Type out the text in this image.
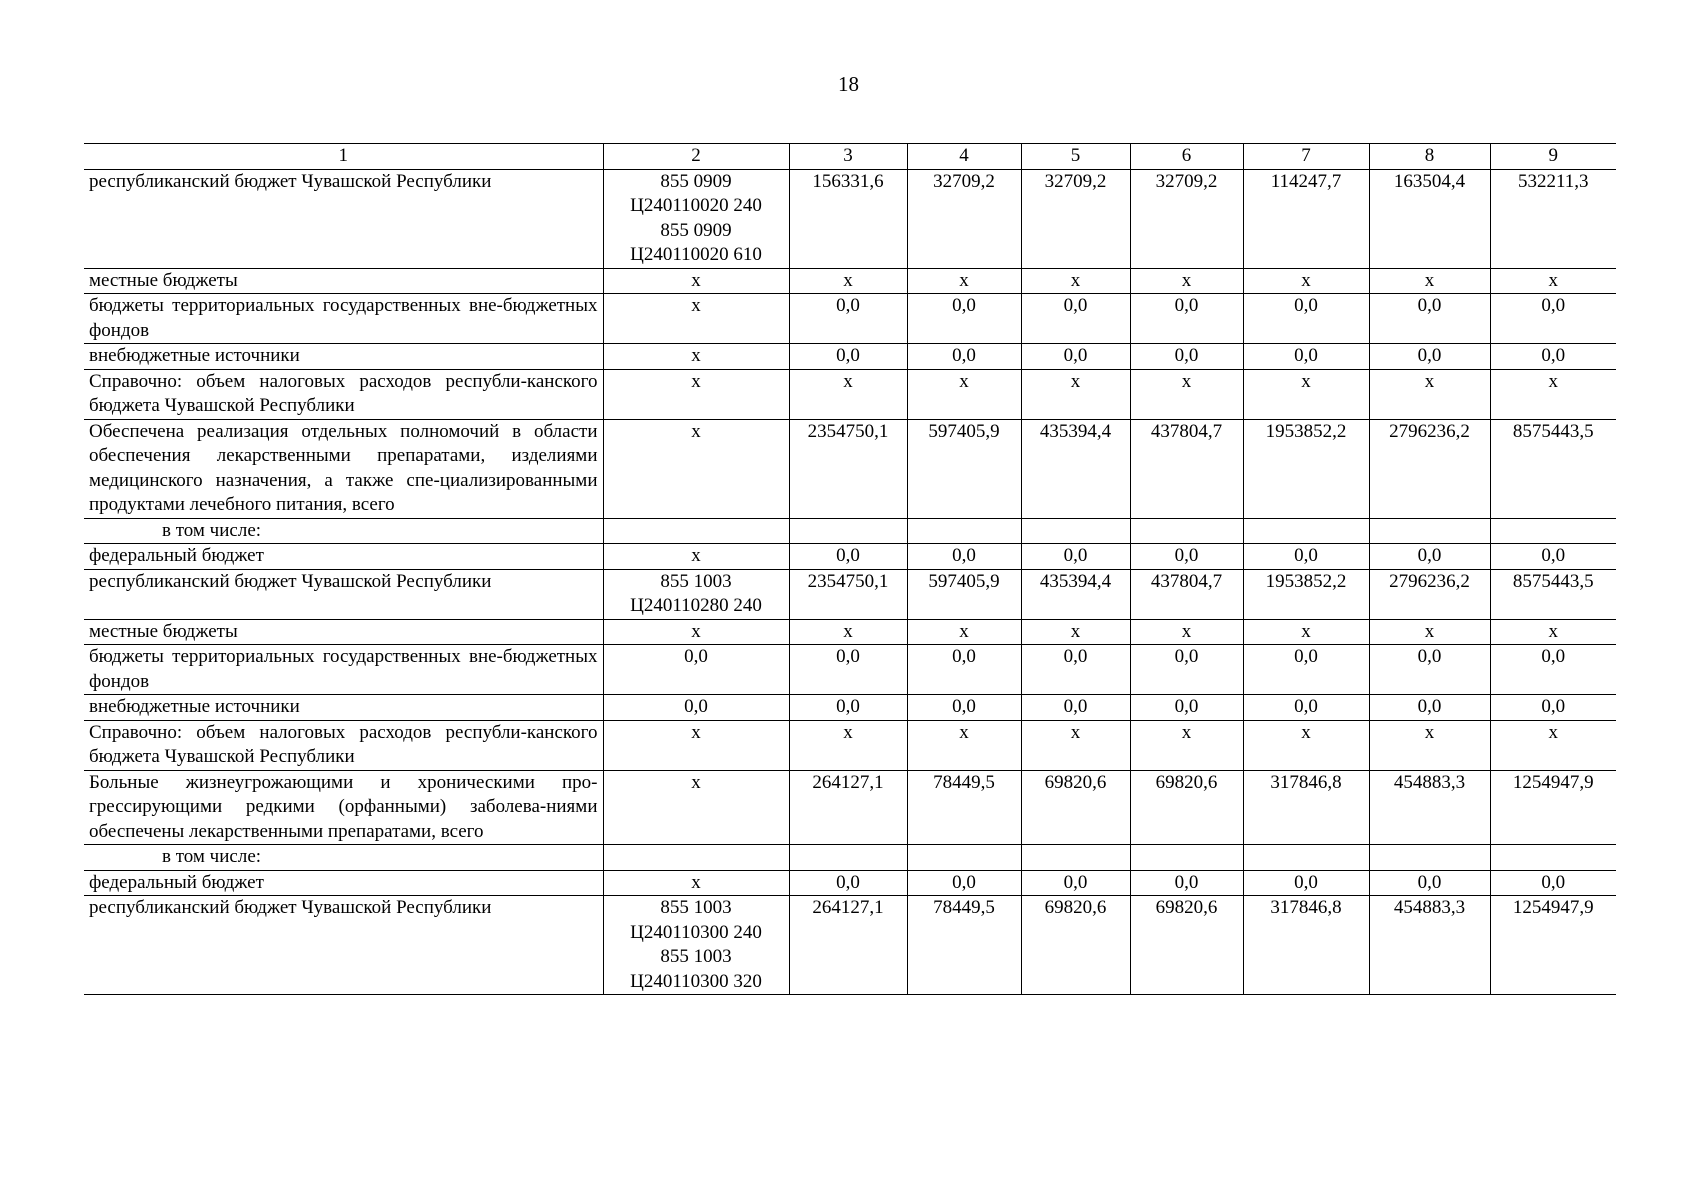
18
1	2	3	4	5	6	7	8	9
республиканский бюджет Чувашской Республики	855 0909
Ц240110020 240
855 0909
Ц240110020 610	156331,6	32709,2	32709,2	32709,2	114247,7	163504,4	532211,3
местные бюджеты	х	х	х	х	х	х	х	х
бюджеты территориальных государственных вне-бюджетных фондов	х	0,0	0,0	0,0	0,0	0,0	0,0	0,0
внебюджетные источники	х	0,0	0,0	0,0	0,0	0,0	0,0	0,0
Справочно: объем налоговых расходов республи-канского бюджета Чувашской Республики	х	х	х	х	х	х	х	х
Обеспечена реализация отдельных полномочий в области обеспечения лекарственными препаратами, изделиями медицинского назначения, а также спе-циализированными продуктами лечебного питания, всего	х	2354750,1	597405,9	435394,4	437804,7	1953852,2	2796236,2	8575443,5
в том числе:								
федеральный бюджет	х	0,0	0,0	0,0	0,0	0,0	0,0	0,0
республиканский бюджет Чувашской Республики	855 1003
Ц240110280 240	2354750,1	597405,9	435394,4	437804,7	1953852,2	2796236,2	8575443,5
местные бюджеты	х	х	х	х	х	х	х	х
бюджеты территориальных государственных вне-бюджетных фондов	0,0	0,0	0,0	0,0	0,0	0,0	0,0	0,0
внебюджетные источники	0,0	0,0	0,0	0,0	0,0	0,0	0,0	0,0
Справочно: объем налоговых расходов республи-канского бюджета Чувашской Республики	х	х	х	х	х	х	х	х
Больные жизнеугрожающими и хроническими про-грессирующими редкими (орфанными) заболева-ниями обеспечены лекарственными препаратами, всего	х	264127,1	78449,5	69820,6	69820,6	317846,8	454883,3	1254947,9
в том числе:								
федеральный бюджет	х	0,0	0,0	0,0	0,0	0,0	0,0	0,0
республиканский бюджет Чувашской Республики	855 1003
Ц240110300 240
855 1003
Ц240110300 320	264127,1	78449,5	69820,6	69820,6	317846,8	454883,3	1254947,9
